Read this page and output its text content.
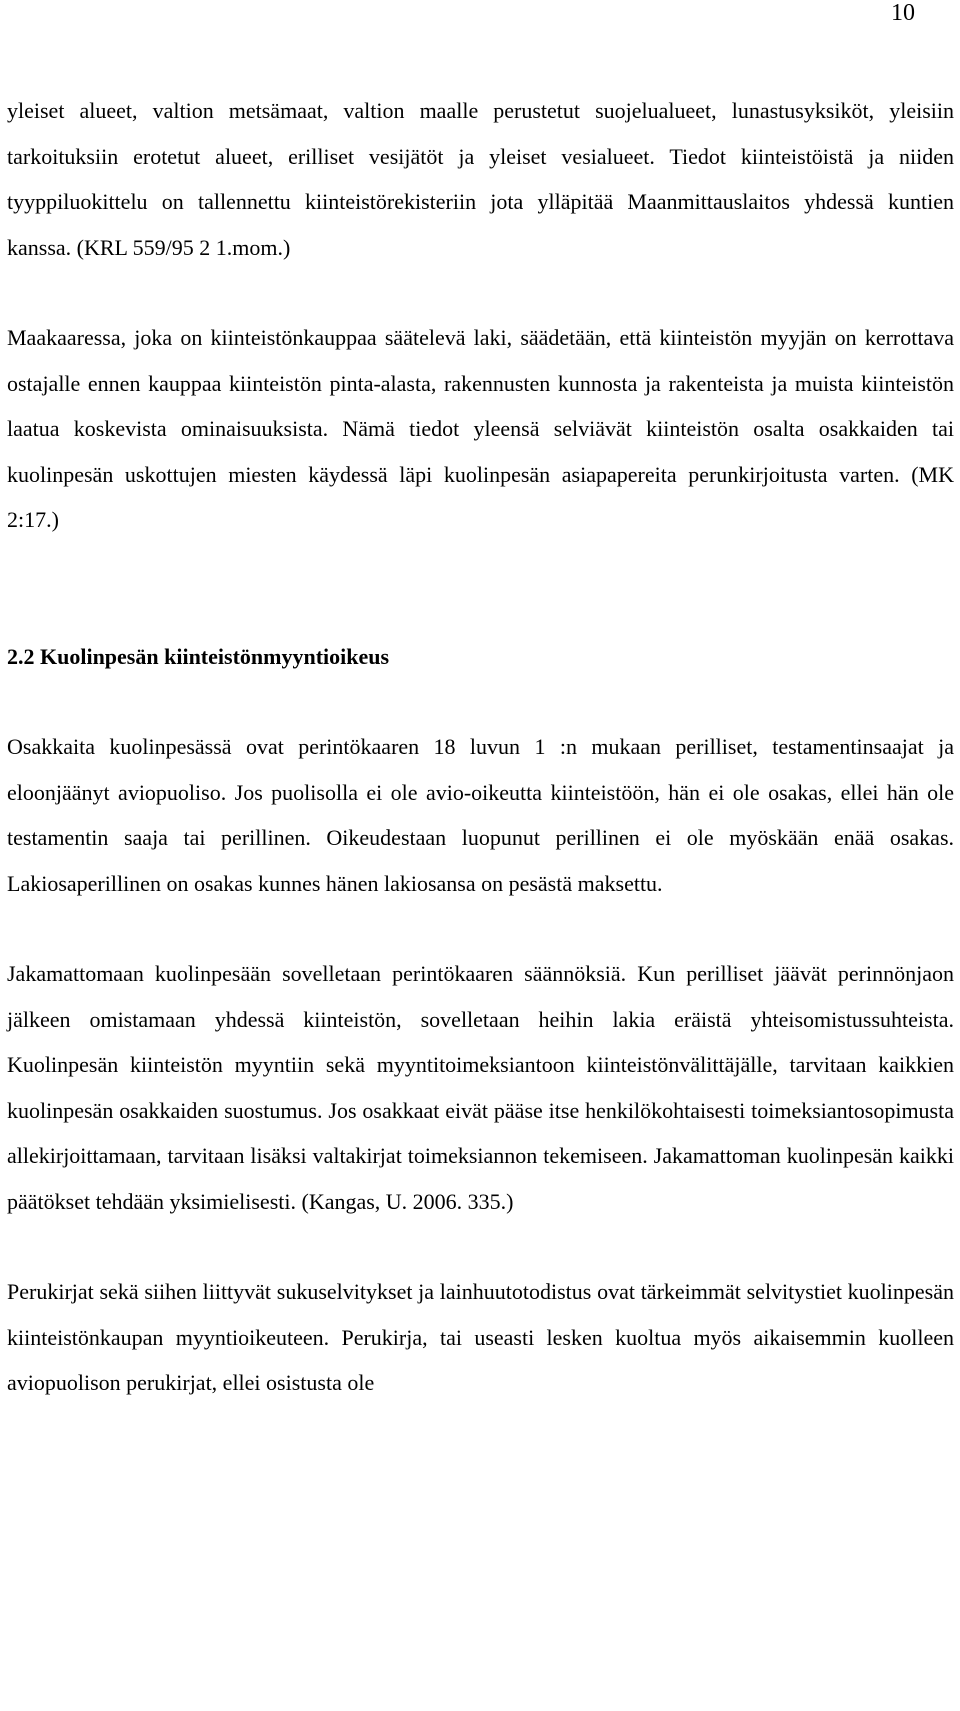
10

yleiset alueet, valtion metsämaat, valtion maalle perustetut suojelualueet, lunastusyksiköt, yleisiin tarkoituksiin erotetut alueet, erilliset vesijätöt ja yleiset vesialueet. Tiedot kiinteistöistä ja niiden tyyppiluokittelu on tallennettu kiinteistörekisteriin jota ylläpitää Maanmittauslaitos yhdessä kuntien kanssa. (KRL 559/95 2 1.mom.)

Maakaaressa, joka on kiinteistönkauppaa säätelevä laki, säädetään, että kiinteistön myyjän on kerrottava ostajalle ennen kauppaa kiinteistön pinta-alasta, rakennusten kunnosta ja rakenteista ja muista kiinteistön laatua koskevista ominaisuuksista. Nämä tiedot yleensä selviävät kiinteistön osalta osakkaiden tai kuolinpesän uskottujen miesten käydessä läpi kuolinpesän asiapapereita perunkirjoitusta varten. (MK 2:17.)

2.2 Kuolinpesän kiinteistönmyyntioikeus

Osakkaita kuolinpesässä ovat perintökaaren 18 luvun 1 :n mukaan perilliset, testamentinsaajat ja eloonjäänyt aviopuoliso. Jos puolisolla ei ole avio-oikeutta kiinteistöön, hän ei ole osakas, ellei hän ole testamentin saaja tai perillinen. Oikeudestaan luopunut perillinen ei ole myöskään enää osakas. Lakiosaperillinen on osakas kunnes hänen lakiosansa on pesästä maksettu.

Jakamattomaan kuolinpesään sovelletaan perintökaaren säännöksiä. Kun perilliset jäävät perinnönjaon jälkeen omistamaan yhdessä kiinteistön, sovelletaan heihin lakia eräistä yhteisomistussuhteista. Kuolinpesän kiinteistön myyntiin sekä myyntitoimeksiantoon kiinteistönvälittäjälle, tarvitaan kaikkien kuolinpesän osakkaiden suostumus. Jos osakkaat eivät pääse itse henkilökohtaisesti toimeksiantosopimusta allekirjoittamaan, tarvitaan lisäksi valtakirjat toimeksiannon tekemiseen. Jakamattoman kuolinpesän kaikki päätökset tehdään yksimielisesti. (Kangas, U. 2006. 335.)

Perukirjat sekä siihen liittyvät sukuselvitykset ja lainhuutotodistus ovat tärkeimmät selvitystiet kuolinpesän kiinteistönkaupan myyntioikeuteen. Perukirja, tai useasti lesken kuoltua myös aikaisemmin kuolleen aviopuolison perukirjat, ellei osistusta ole
